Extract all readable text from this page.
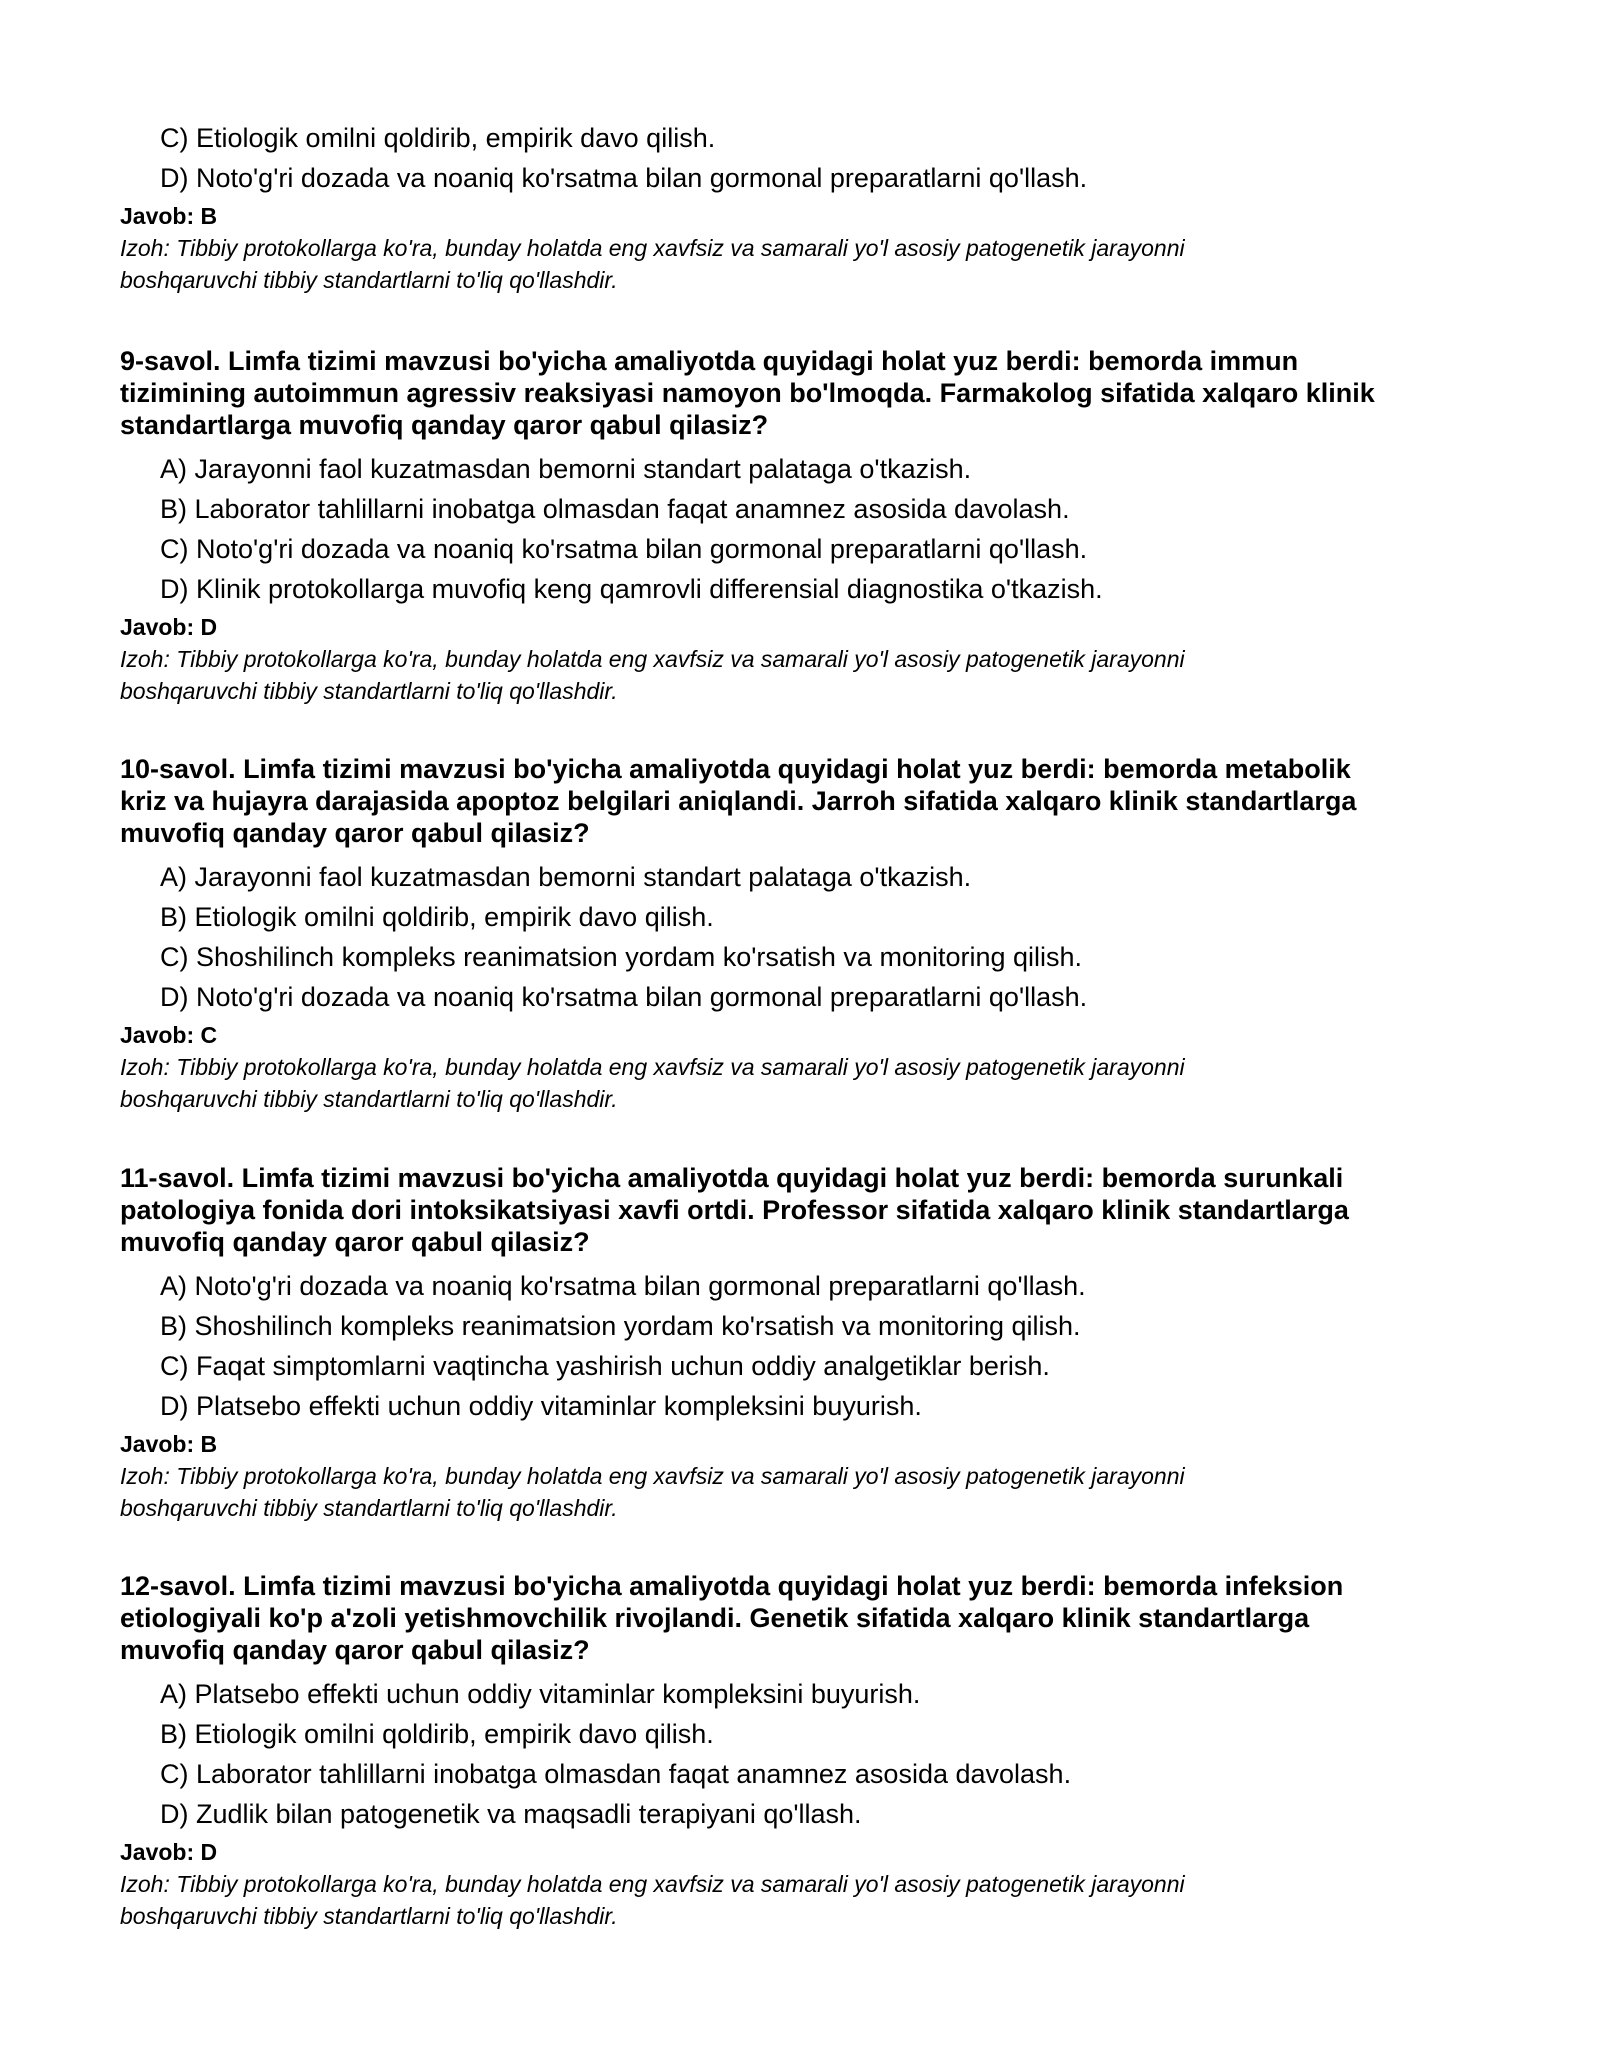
C) Etiologik omilni qoldirib, empirik davo qilish.
D) Noto'g'ri dozada va noaniq ko'rsatma bilan gormonal preparatlarni qo'llash.
Javob: B
Izoh: Tibbiy protokollarga ko'ra, bunday holatda eng xavfsiz va samarali yo'l asosiy patogenetik jarayonni
boshqaruvchi tibbiy standartlarni to'liq qo'llashdir.
9-savol. Limfa tizimi mavzusi bo'yicha amaliyotda quyidagi holat yuz berdi: bemorda immun
tizimining autoimmun agressiv reaksiyasi namoyon bo'lmoqda. Farmakolog sifatida xalqaro klinik
standartlarga muvofiq qanday qaror qabul qilasiz?
A) Jarayonni faol kuzatmasdan bemorni standart palataga o'tkazish.
B) Laborator tahlillarni inobatga olmasdan faqat anamnez asosida davolash.
C) Noto'g'ri dozada va noaniq ko'rsatma bilan gormonal preparatlarni qo'llash.
D) Klinik protokollarga muvofiq keng qamrovli differensial diagnostika o'tkazish.
Javob: D
Izoh: Tibbiy protokollarga ko'ra, bunday holatda eng xavfsiz va samarali yo'l asosiy patogenetik jarayonni
boshqaruvchi tibbiy standartlarni to'liq qo'llashdir.
10-savol. Limfa tizimi mavzusi bo'yicha amaliyotda quyidagi holat yuz berdi: bemorda metabolik
kriz va hujayra darajasida apoptoz belgilari aniqlandi. Jarroh sifatida xalqaro klinik standartlarga
muvofiq qanday qaror qabul qilasiz?
A) Jarayonni faol kuzatmasdan bemorni standart palataga o'tkazish.
B) Etiologik omilni qoldirib, empirik davo qilish.
C) Shoshilinch kompleks reanimatsion yordam ko'rsatish va monitoring qilish.
D) Noto'g'ri dozada va noaniq ko'rsatma bilan gormonal preparatlarni qo'llash.
Javob: C
Izoh: Tibbiy protokollarga ko'ra, bunday holatda eng xavfsiz va samarali yo'l asosiy patogenetik jarayonni
boshqaruvchi tibbiy standartlarni to'liq qo'llashdir.
11-savol. Limfa tizimi mavzusi bo'yicha amaliyotda quyidagi holat yuz berdi: bemorda surunkali
patologiya fonida dori intoksikatsiyasi xavfi ortdi. Professor sifatida xalqaro klinik standartlarga
muvofiq qanday qaror qabul qilasiz?
A) Noto'g'ri dozada va noaniq ko'rsatma bilan gormonal preparatlarni qo'llash.
B) Shoshilinch kompleks reanimatsion yordam ko'rsatish va monitoring qilish.
C) Faqat simptomlarni vaqtincha yashirish uchun oddiy analgetiklar berish.
D) Platsebo effekti uchun oddiy vitaminlar kompleksini buyurish.
Javob: B
Izoh: Tibbiy protokollarga ko'ra, bunday holatda eng xavfsiz va samarali yo'l asosiy patogenetik jarayonni
boshqaruvchi tibbiy standartlarni to'liq qo'llashdir.
12-savol. Limfa tizimi mavzusi bo'yicha amaliyotda quyidagi holat yuz berdi: bemorda infeksion
etiologiyali ko'p a'zoli yetishmovchilik rivojlandi. Genetik sifatida xalqaro klinik standartlarga
muvofiq qanday qaror qabul qilasiz?
A) Platsebo effekti uchun oddiy vitaminlar kompleksini buyurish.
B) Etiologik omilni qoldirib, empirik davo qilish.
C) Laborator tahlillarni inobatga olmasdan faqat anamnez asosida davolash.
D) Zudlik bilan patogenetik va maqsadli terapiyani qo'llash.
Javob: D
Izoh: Tibbiy protokollarga ko'ra, bunday holatda eng xavfsiz va samarali yo'l asosiy patogenetik jarayonni
boshqaruvchi tibbiy standartlarni to'liq qo'llashdir.
